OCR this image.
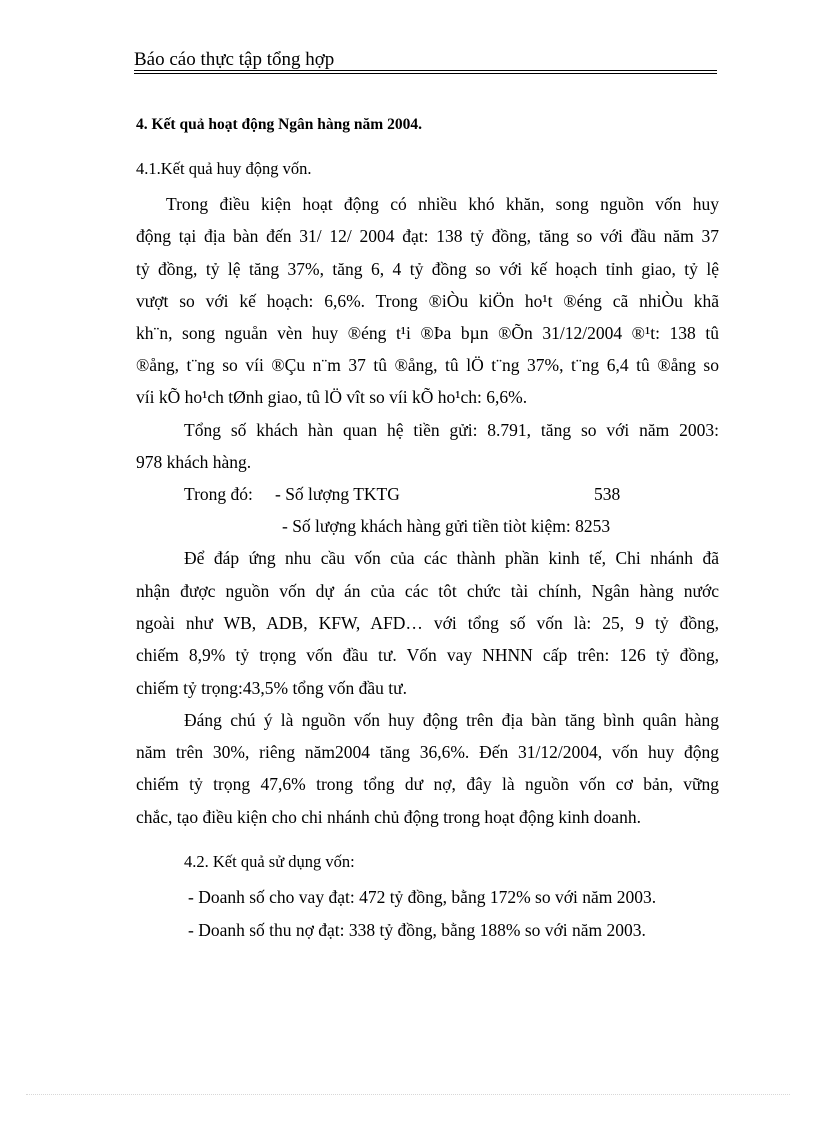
Báo cáo thực tập tổng hợp
4. Kết quả hoạt động Ngân hàng năm 2004.
4.1.Kết quả huy động vốn.
Trong điều kiện hoạt động có nhiều khó khăn, song nguồn vốn huy
động tại địa bàn đến 31/ 12/ 2004 đạt: 138 tỷ đồng, tăng so với đầu năm 37
tỷ đồng, tỷ lệ tăng 37%, tăng 6, 4 tỷ đồng so với kế hoạch tỉnh giao, tỷ lệ
vượt so với kế hoạch: 6,6%. Trong ®iÒu kiÖn ho¹t ®éng cã nhiÒu khã
kh¨n, song nguån vèn huy ®éng t¹i ®Þa bµn ®Õn 31/12/2004 ®¹t: 138 tû
®ång, t¨ng so víi ®Çu n¨m 37 tû ®ång, tû lÖ t¨ng 37%, t¨ng 6,4 tû ®ång so
víi kÕ ho¹ch tØnh giao, tû lÖ vît so víi kÕ ho¹ch: 6,6%.
Tổng số khách hàn quan hệ tiền gửi: 8.791, tăng so với năm 2003:
978 khách hàng.
Trong đó: - Số lượng TKTG	538
- Số lượng khách hàng gửi tiền tiòt kiệm: 8253
Để đáp ứng nhu cầu vốn của các thành phần kinh tế, Chi nhánh đã
nhận được nguồn vốn dự án của các tôt chức tài chính, Ngân hàng nước
ngoài như WB, ADB, KFW, AFD… với tổng số vốn là: 25, 9 tỷ đồng,
chiếm 8,9% tỷ trọng vốn đầu tư. Vốn vay NHNN cấp trên: 126 tỷ đồng,
chiếm tỷ trọng:43,5% tổng vốn đầu tư.
Đáng chú ý là nguồn vốn huy động trên địa bàn tăng bình quân hàng
năm trên 30%, riêng năm2004 tăng 36,6%. Đến 31/12/2004, vốn huy động
chiếm tỷ trọng 47,6% trong tổng dư nợ, đây là nguồn vốn cơ bản, vững
chắc, tạo điều kiện cho chi nhánh chủ động trong hoạt động kinh doanh.
4.2. Kết quả sử dụng vốn:
- Doanh số cho vay đạt: 472 tỷ đồng, bằng 172% so với năm 2003.
- Doanh số thu nợ đạt: 338 tỷ đồng, bằng 188% so với năm 2003.
